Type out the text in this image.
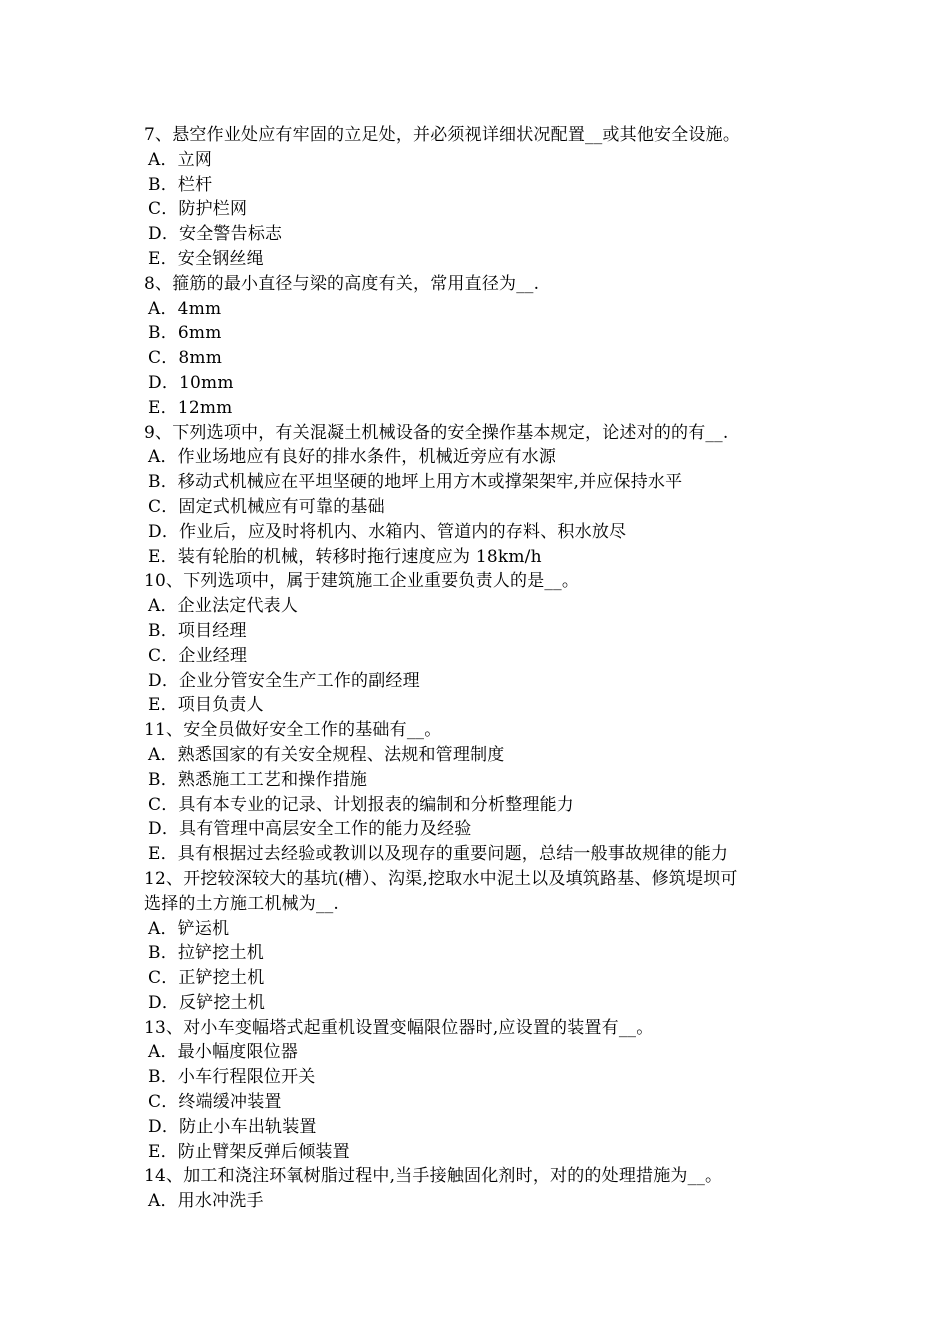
7、悬空作业处应有牢固的立足处，并必须视详细状况配置__或其他安全设施。
A．立网
B．栏杆
C．防护栏网
D．安全警告标志
E．安全钢丝绳
8、箍筋的最小直径与梁的高度有关，常用直径为__.
A．4mm
B．6mm
C．8mm
D．10mm
E．12mm
9、下列选项中，有关混凝土机械设备的安全操作基本规定，论述对的的有__.
A．作业场地应有良好的排水条件，机械近旁应有水源
B．移动式机械应在平坦坚硬的地坪上用方木或撑架架牢,并应保持水平
C．固定式机械应有可靠的基础
D．作业后，应及时将机内、水箱内、管道内的存料、积水放尽
E．装有轮胎的机械，转移时拖行速度应为 18km/h
10、下列选项中，属于建筑施工企业重要负责人的是__。
A．企业法定代表人
B．项目经理
C．企业经理
D．企业分管安全生产工作的副经理
E．项目负责人
11、安全员做好安全工作的基础有__。
A．熟悉国家的有关安全规程、法规和管理制度
B．熟悉施工工艺和操作措施
C．具有本专业的记录、计划报表的编制和分析整理能力
D．具有管理中高层安全工作的能力及经验
E．具有根据过去经验或教训以及现存的重要问题，总结一般事故规律的能力
12、开挖较深较大的基坑(槽）、沟渠,挖取水中泥土以及填筑路基、修筑堤坝可
选择的土方施工机械为__.
A．铲运机
B．拉铲挖土机
C．正铲挖土机
D．反铲挖土机
13、对小车变幅塔式起重机设置变幅限位器时,应设置的装置有__。
A．最小幅度限位器
B．小车行程限位开关
C．终端缓冲装置
D．防止小车出轨装置
E．防止臂架反弹后倾装置
14、加工和浇注环氧树脂过程中,当手接触固化剂时，对的的处理措施为__。
A．用水冲洗手
